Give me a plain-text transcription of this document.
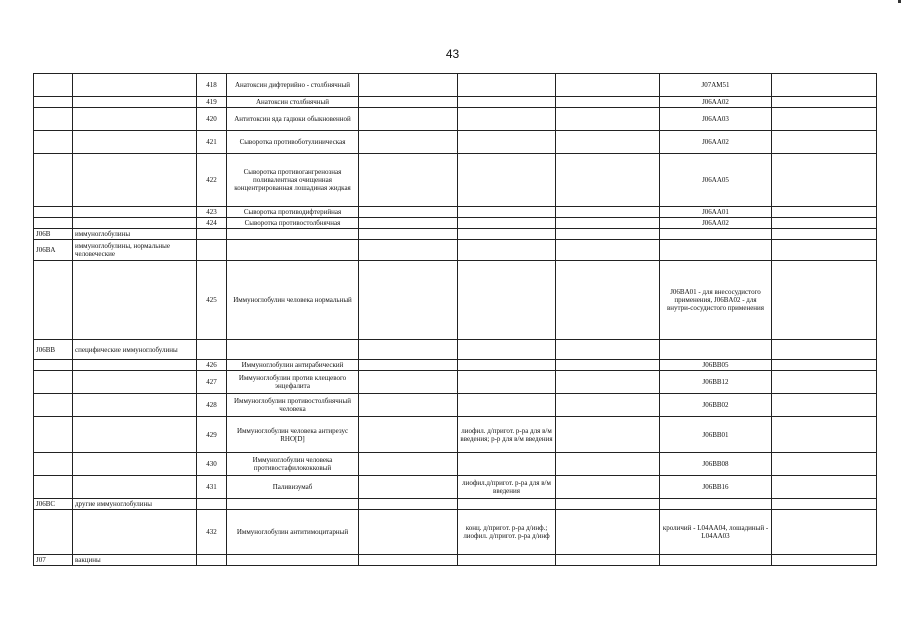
43
		418	Анатоксин дифтерийно - столбнячный				J07AM51	
		419	Анатоксин столбнячный				J06AA02	
		420	Антитоксин яда гадюки обыкновенной				J06AA03	
		421	Сыворотка противоботулиническая				J06AA02	
		422	Сыворотка противогангренозная поливалентная очищенная концентрированная лошадиная жидкая				J06AA05	
		423	Сыворотка противодифтерийная				J06AA01	
		424	Сыворотка противостолбнячная				J06AA02	
J06B	иммуноглобулины							
J06BA	иммуноглобулины, нормальные человеческие							
		425	Иммуноглобулин человека нормальный				J06BA01 - для внесосудистого применения, J06BA02 - для внутри-сосудистого применения	
J06BB	специфические иммуноглобулины							
		426	Иммуноглобулин антирабический				J06BB05	
		427	Иммуноглобулин против клещевого энцефалита				J06BB12	
		428	Иммуноглобулин противостолбнячный человека				J06BB02	
		429	Иммуноглобулин человека антирезус RHO[D]		лиофил. д/пригот. р-ра для в/м введения; р-р для в/м введения		J06BB01	
		430	Иммуноглобулин человека противостафилококковый				J06BB08	
		431	Паливизумаб		лиофил.д/пригот. р-ра для в/м введения		J06BB16	
J06BC	другие иммуноглобулины							
		432	Иммуноглобулин антитимоцитарный		конц. д/пригот. р-ра д/инф.; лиофил. д/пригот. р-ра д/инф		кроличий - L04AA04, лошадиный - L04AA03	
J07	вакцины							
